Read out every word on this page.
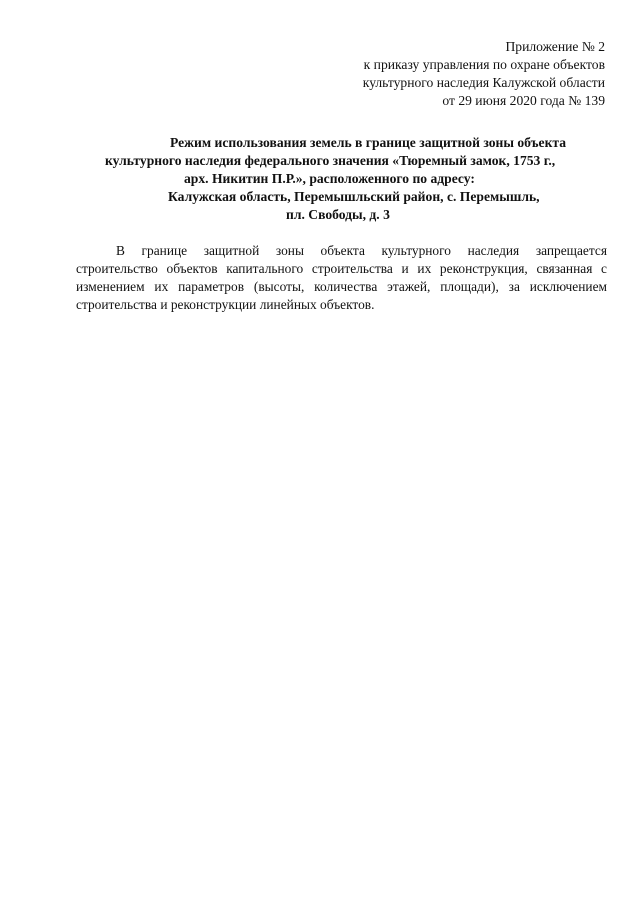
Приложение № 2
к приказу управления по охране объектов
культурного наследия Калужской области
от 29 июня 2020 года № 139
Режим использования земель в границе защитной зоны объекта
культурного наследия федерального значения «Тюремный замок, 1753 г.,
арх. Никитин П.Р.», расположенного по адресу:
Калужская область, Перемышльский район, с. Перемышль,
пл. Свободы, д. 3
В границе защитной зоны объекта культурного наследия запрещается
строительство объектов капитального строительства и их реконструкция, связанная с
изменением их параметров (высоты, количества этажей, площади), за исключением
строительства и реконструкции линейных объектов.
